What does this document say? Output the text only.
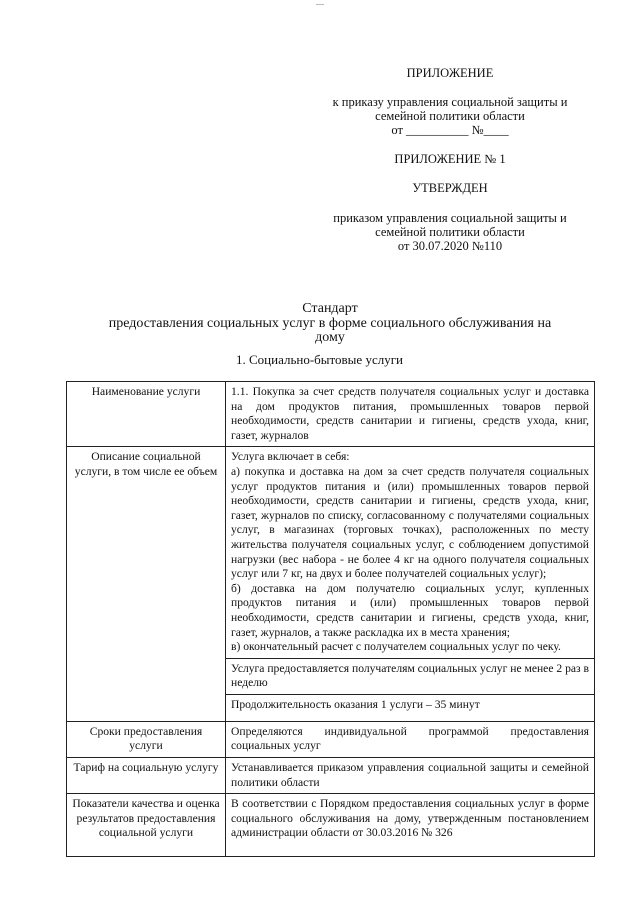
ПРИЛОЖЕНИЕ
к приказу управления социальной защиты и
семейной политики области
от __________ №____
ПРИЛОЖЕНИЕ № 1
УТВЕРЖДЕН
приказом управления социальной защиты и
семейной политики области
от 30.07.2020 №110
Стандарт
предоставления социальных услуг в форме социального обслуживания на
дому
1. Социально-бытовые услуги
Наименование услуги	1.1. Покупка за счет средств получателя социальных услуг и доставка на дом продуктов питания, промышленных товаров первой необходимости, средств санитарии и гигиены, средств ухода, книг, газет, журналов
Описание социальной услуги, в том числе ее объем	Услуга включает в себя:
а) покупка и доставка на дом за счет средств получателя социальных услуг продуктов питания и (или) промышленных товаров первой необходимости, средств санитарии и гигиены, средств ухода, книг, газет, журналов по списку, согласованному с получателями социальных услуг, в магазинах (торговых точках), расположенных по месту жительства получателя социальных услуг, с соблюдением допустимой нагрузки (вес набора - не более 4 кг на одного получателя социальных услуг или 7 кг, на двух и более получателей социальных услуг);
б) доставка на дом получателю социальных услуг, купленных продуктов питания и (или) промышленных товаров первой необходимости, средств санитарии и гигиены, средств ухода, книг, газет, журналов, а также раскладка их в места хранения;
в) окончательный расчет с получателем социальных услуг по чеку.

	Услуга предоставляется получателям социальных услуг не менее 2 раз в неделю
	Продолжительность оказания 1 услуги – 35 минут
Сроки предоставления услуги	Определяются индивидуальной программой предоставления социальных услуг
Тариф на социальную услугу	Устанавливается приказом управления социальной защиты и семейной политики области
Показатели качества и оценка результатов предоставления социальной услуги	В соответствии с Порядком предоставления социальных услуг в форме социального обслуживания на дому, утвержденным постановлением администрации области от 30.03.2016 № 326
